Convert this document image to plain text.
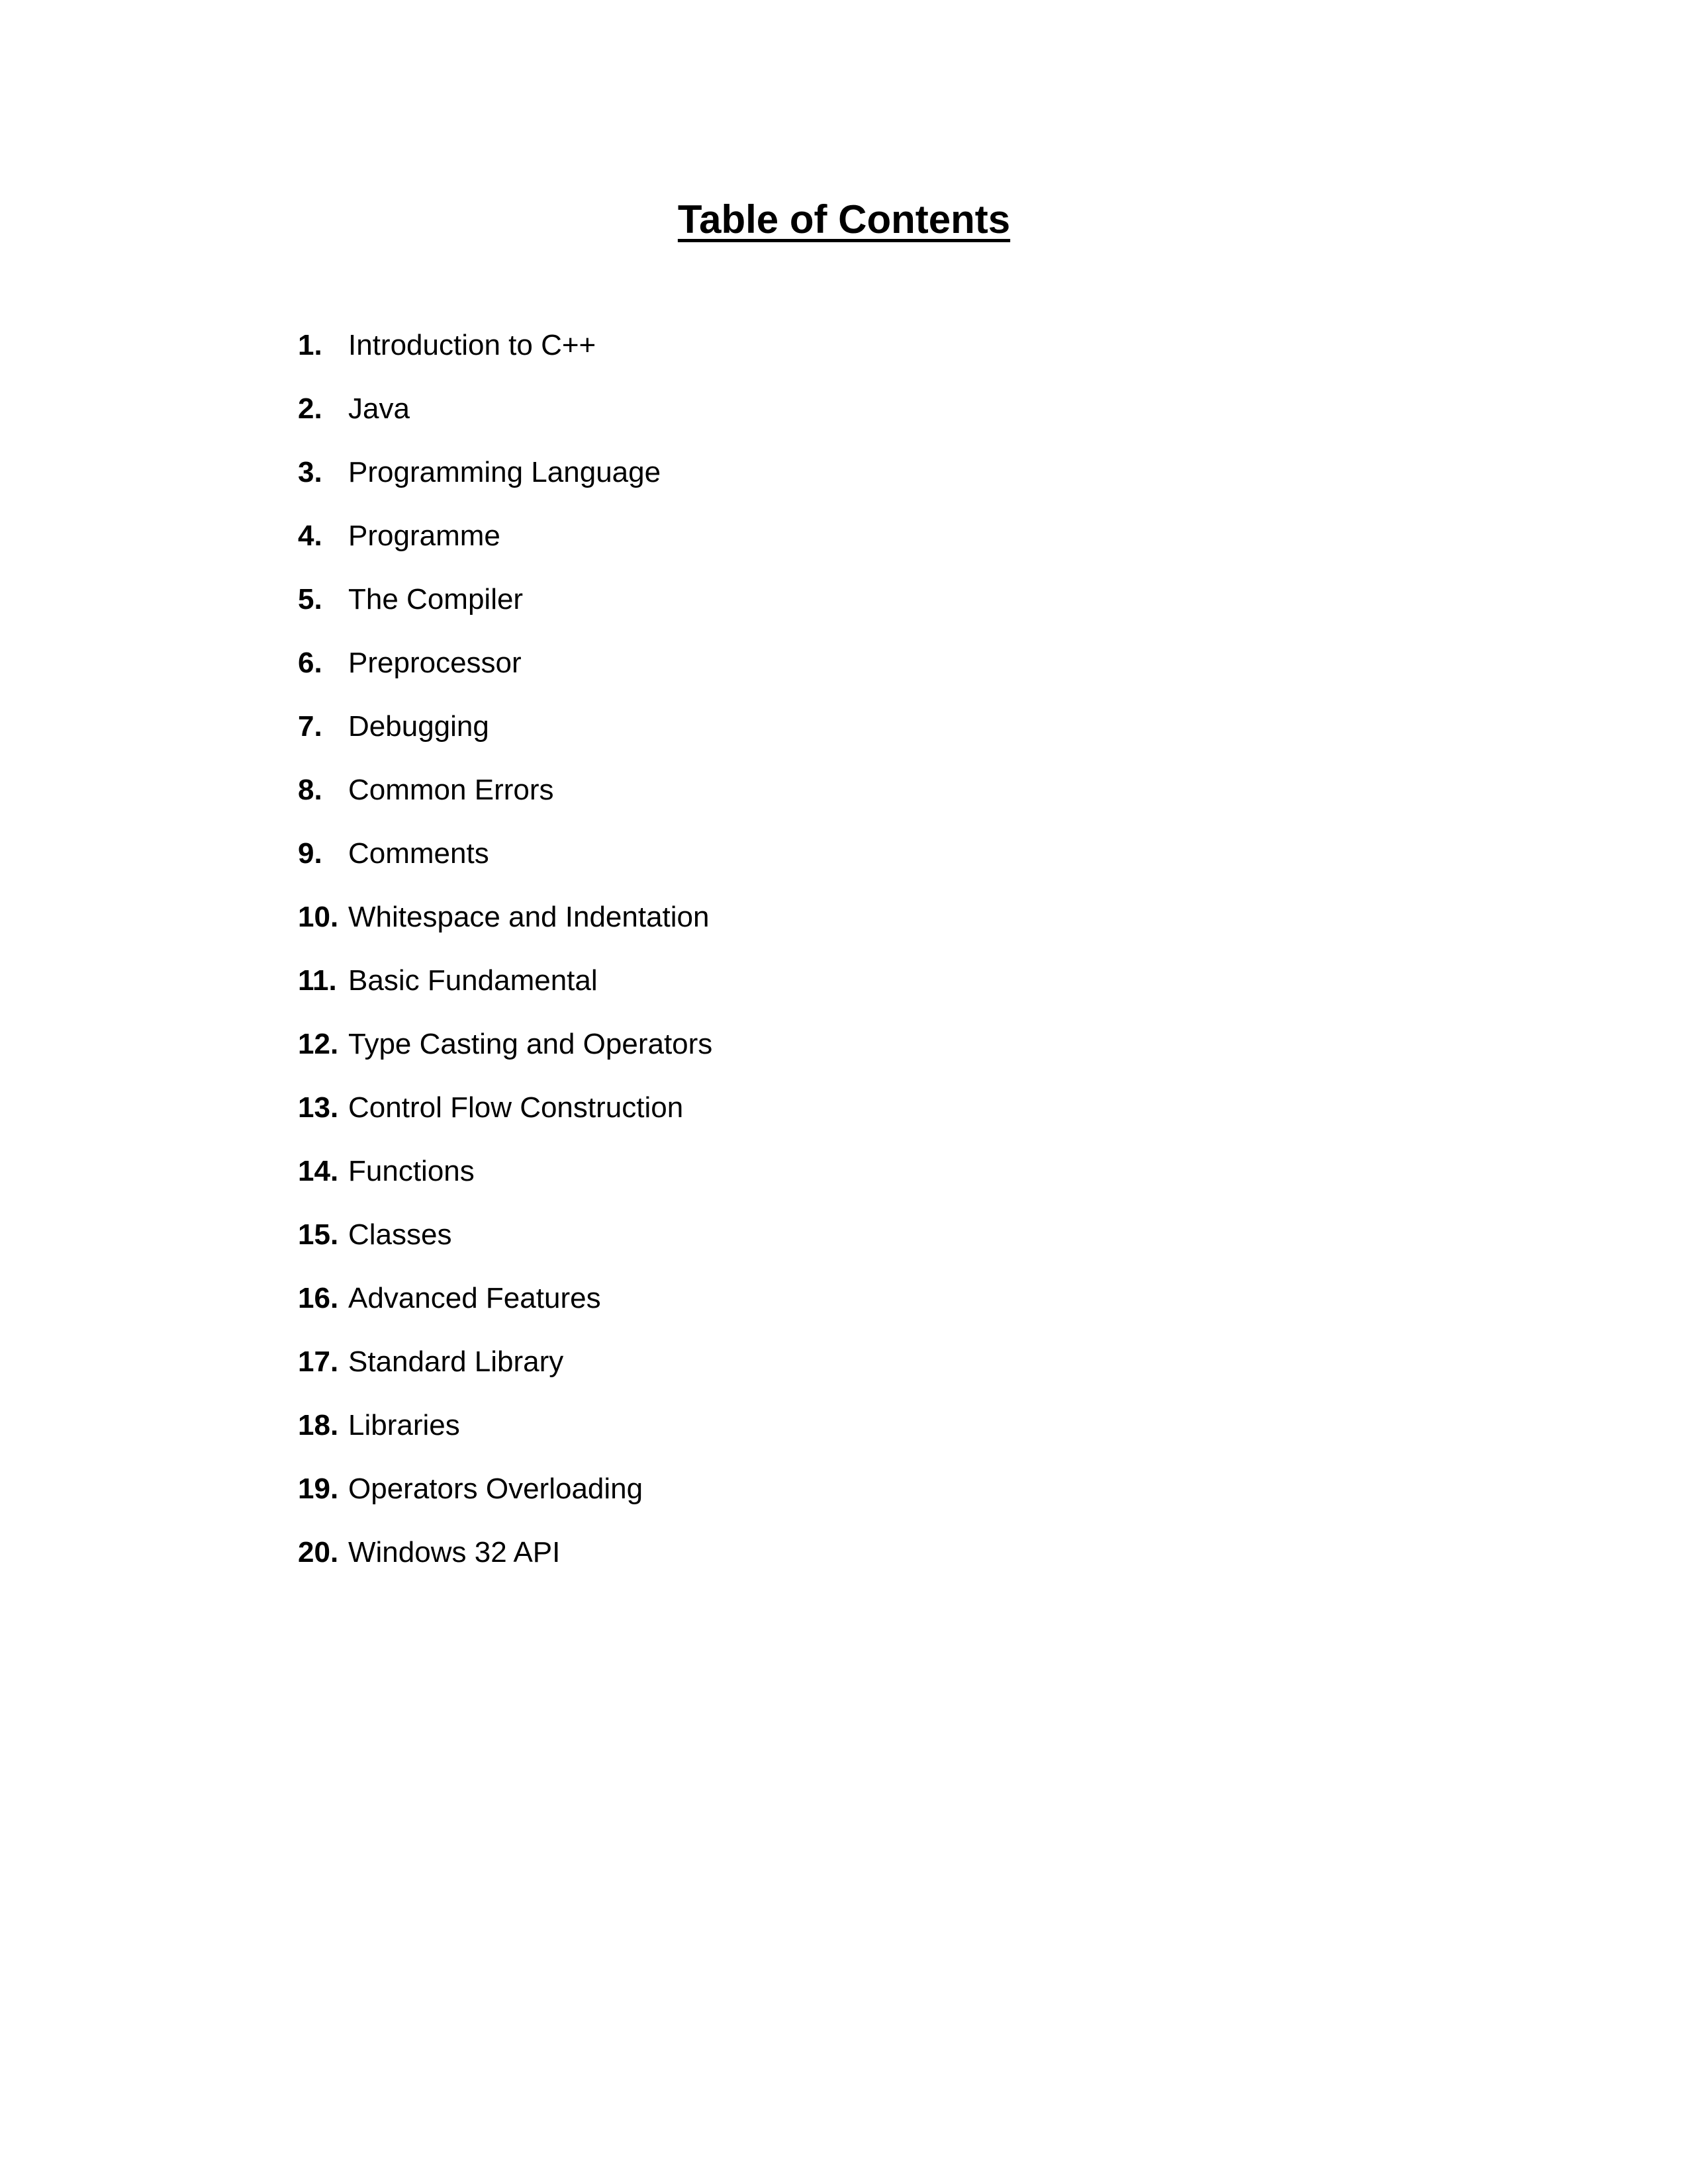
Table of Contents
1. Introduction to C++
2. Java
3. Programming Language
4. Programme
5. The Compiler
6. Preprocessor
7. Debugging
8. Common Errors
9. Comments
10. Whitespace and Indentation
11. Basic Fundamental
12. Type Casting and Operators
13. Control Flow Construction
14. Functions
15. Classes
16. Advanced Features
17. Standard Library
18. Libraries
19. Operators Overloading
20. Windows 32 API
